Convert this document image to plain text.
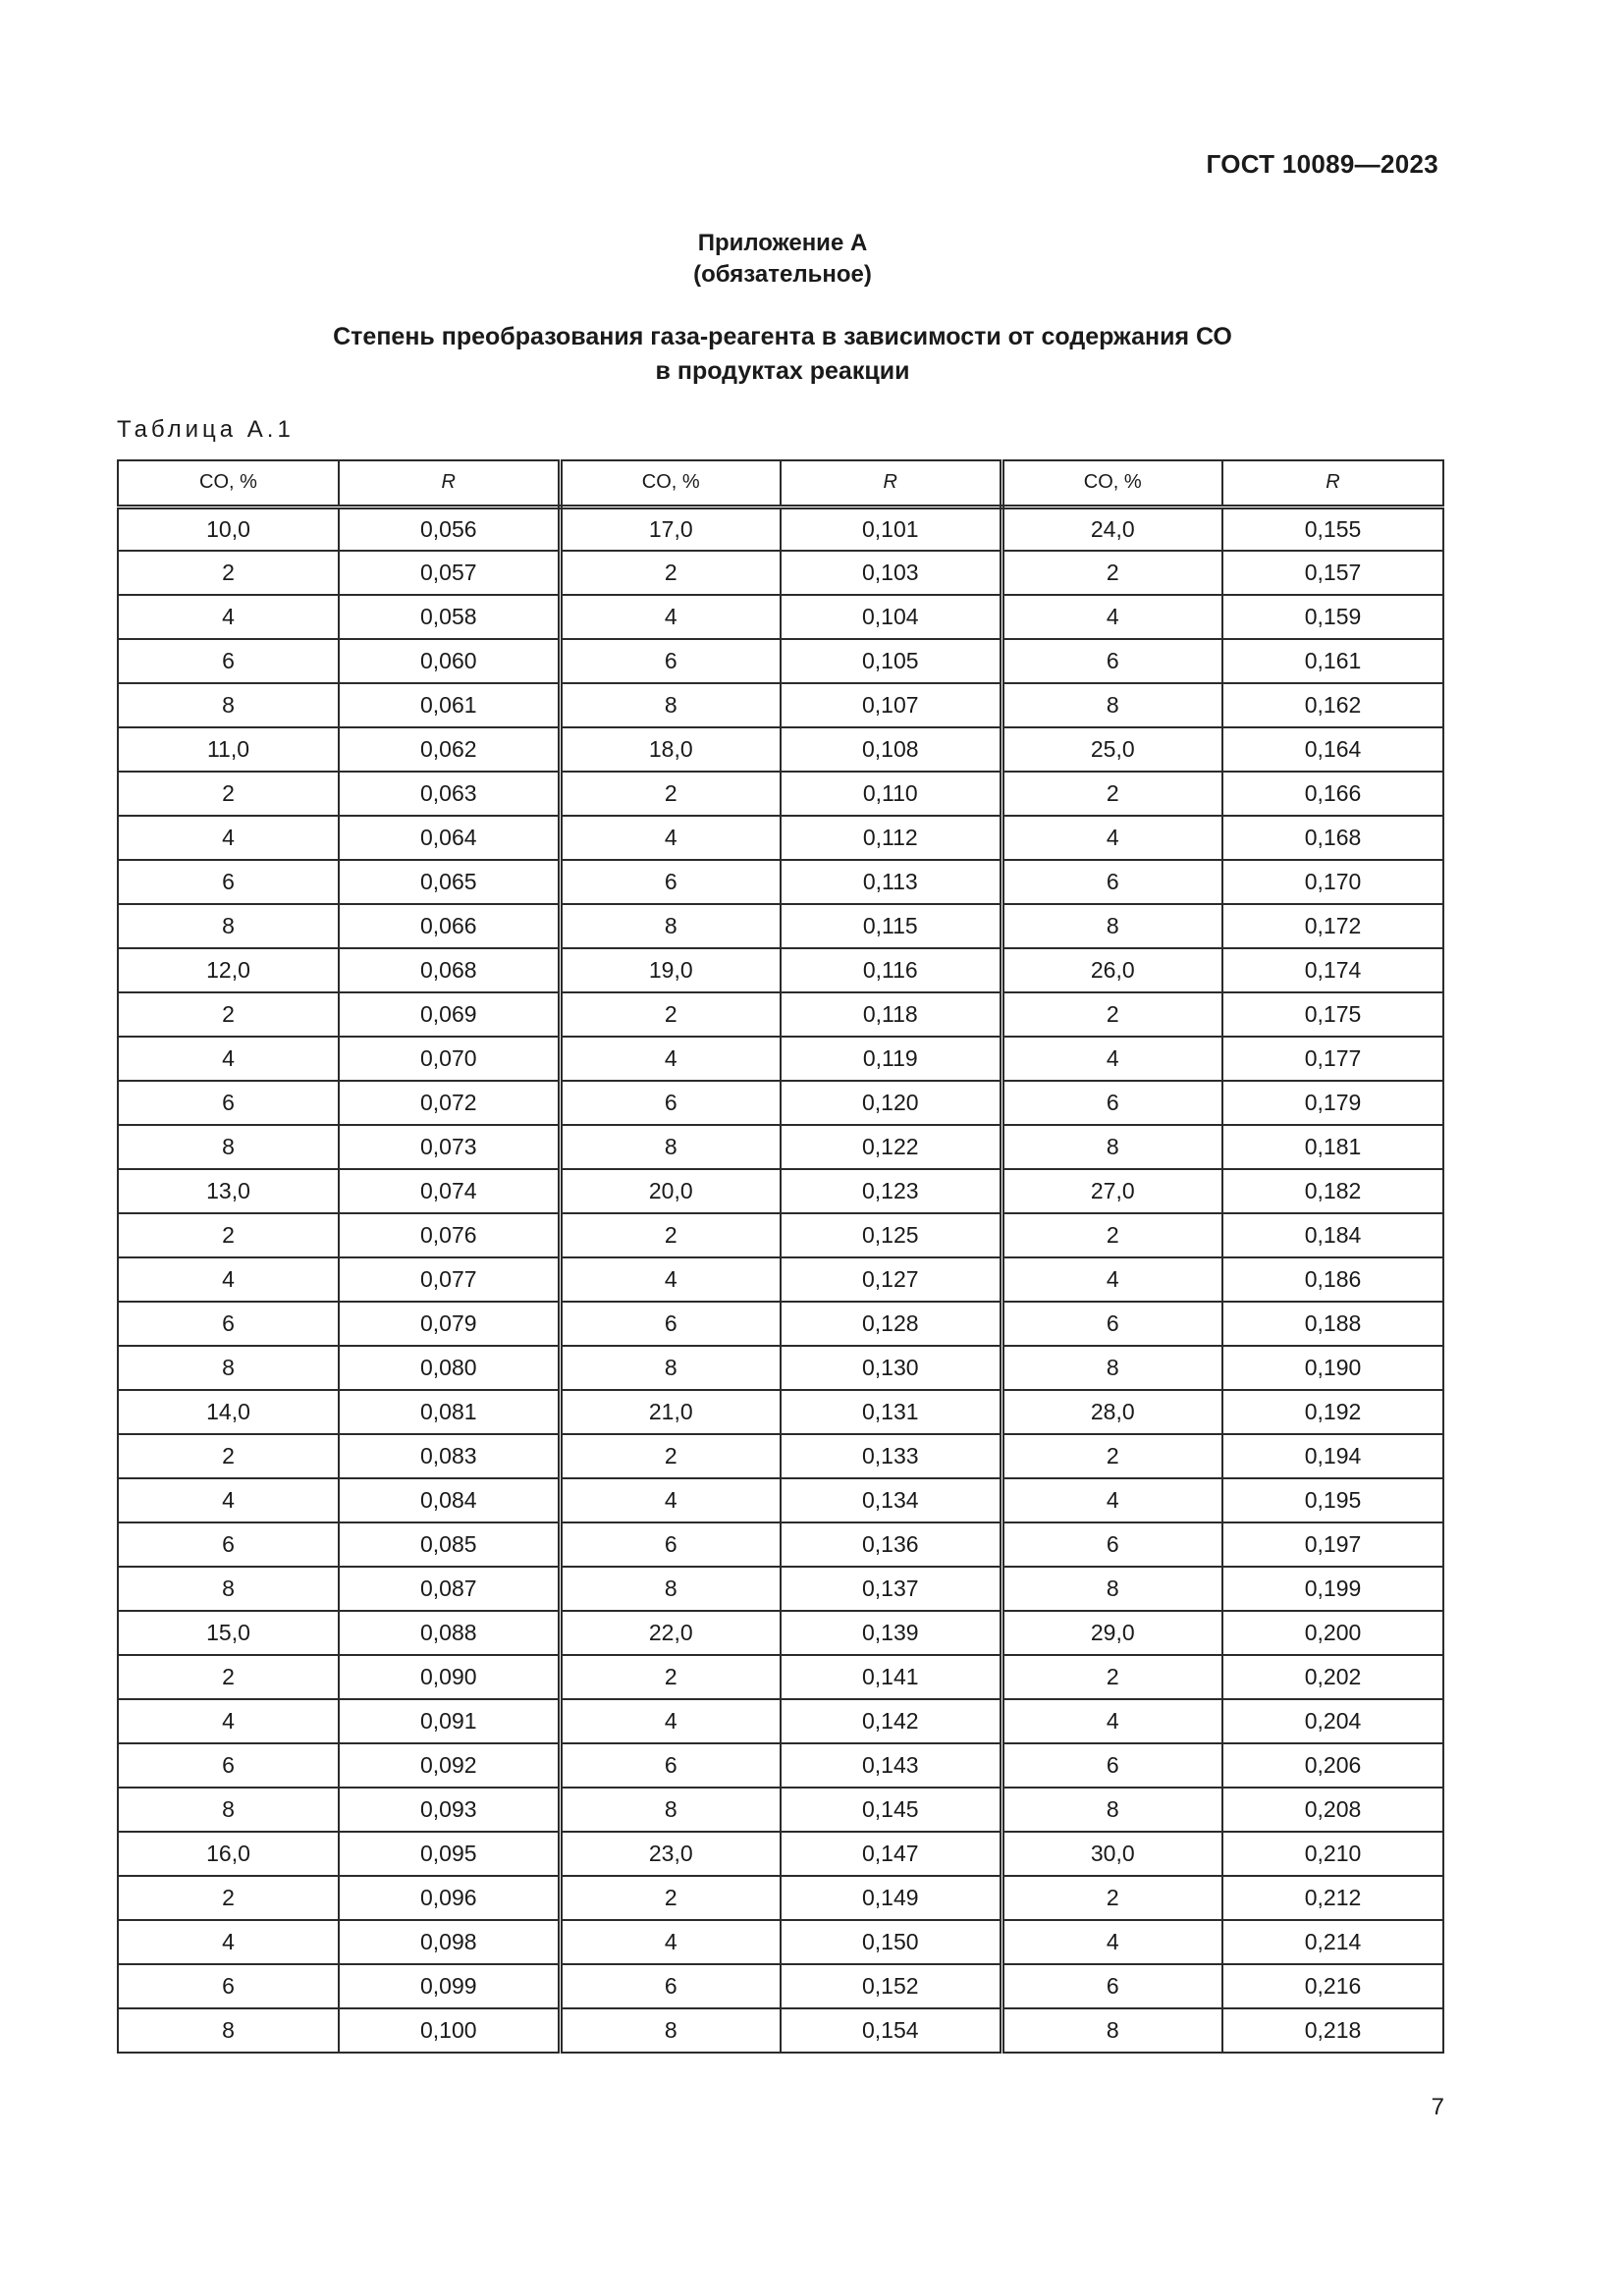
ГОСТ 10089—2023
Приложение А
(обязательное)
Степень преобразования газа-реагента в зависимости от содержания СО
в продуктах реакции
Таблица А.1
CO, %	R	CO, %	R	CO, %	R
10,0	0,056	17,0	0,101	24,0	0,155
2	0,057	2	0,103	2	0,157
4	0,058	4	0,104	4	0,159
6	0,060	6	0,105	6	0,161
8	0,061	8	0,107	8	0,162
11,0	0,062	18,0	0,108	25,0	0,164
2	0,063	2	0,110	2	0,166
4	0,064	4	0,112	4	0,168
6	0,065	6	0,113	6	0,170
8	0,066	8	0,115	8	0,172
12,0	0,068	19,0	0,116	26,0	0,174
2	0,069	2	0,118	2	0,175
4	0,070	4	0,119	4	0,177
6	0,072	6	0,120	6	0,179
8	0,073	8	0,122	8	0,181
13,0	0,074	20,0	0,123	27,0	0,182
2	0,076	2	0,125	2	0,184
4	0,077	4	0,127	4	0,186
6	0,079	6	0,128	6	0,188
8	0,080	8	0,130	8	0,190
14,0	0,081	21,0	0,131	28,0	0,192
2	0,083	2	0,133	2	0,194
4	0,084	4	0,134	4	0,195
6	0,085	6	0,136	6	0,197
8	0,087	8	0,137	8	0,199
15,0	0,088	22,0	0,139	29,0	0,200
2	0,090	2	0,141	2	0,202
4	0,091	4	0,142	4	0,204
6	0,092	6	0,143	6	0,206
8	0,093	8	0,145	8	0,208
16,0	0,095	23,0	0,147	30,0	0,210
2	0,096	2	0,149	2	0,212
4	0,098	4	0,150	4	0,214
6	0,099	6	0,152	6	0,216
8	0,100	8	0,154	8	0,218
7
